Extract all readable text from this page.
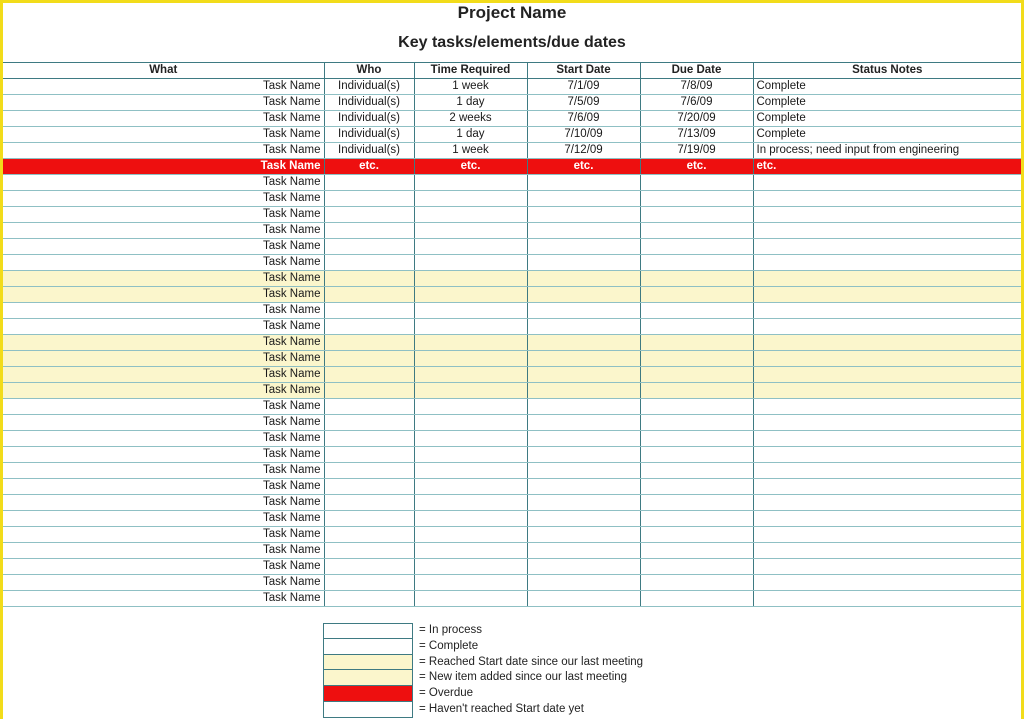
Project Name
Key tasks/elements/due dates
What	Who	Time Required	Start Date	Due Date	Status Notes
Task Name	Individual(s)	1 week	7/1/09	7/8/09	Complete
Task Name	Individual(s)	1 day	7/5/09	7/6/09	Complete
Task Name	Individual(s)	2 weeks	7/6/09	7/20/09	Complete
Task Name	Individual(s)	1 day	7/10/09	7/13/09	Complete
Task Name	Individual(s)	1 week	7/12/09	7/19/09	In process; need input from engineering
Task Name	etc.	etc.	etc.	etc.	etc.
Task Name					
Task Name					
Task Name					
Task Name					
Task Name					
Task Name					
Task Name					
Task Name					
Task Name					
Task Name					
Task Name					
Task Name					
Task Name					
Task Name					
Task Name					
Task Name					
Task Name					
Task Name					
Task Name					
Task Name					
Task Name					
Task Name					
Task Name					
Task Name					
Task Name					
Task Name					
Task Name					
= In process
= Complete
= Reached Start date since our last meeting
= New item added since our last meeting
= Overdue
= Haven't reached Start date yet
